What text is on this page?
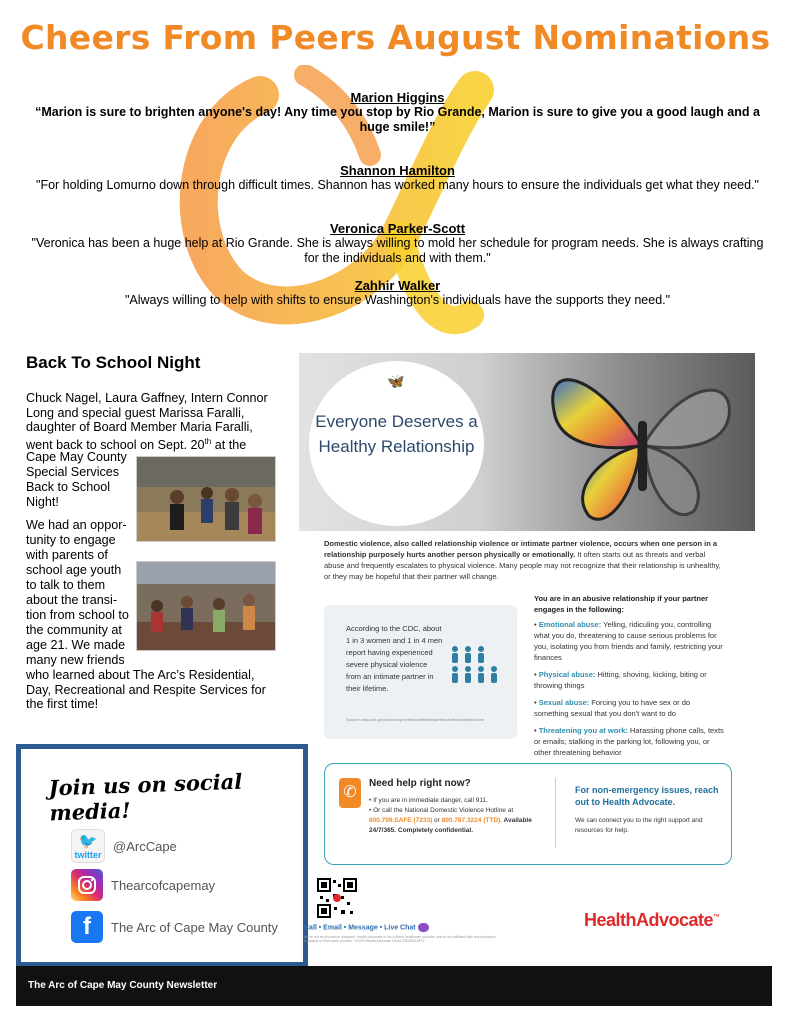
Cheers From Peers August Nominations
Marion Higgins
“Marion is sure to brighten anyone's day! Any time you stop by Rio Grande, Marion is sure to give you a good laugh and a huge smile!”
Shannon Hamilton
"For holding Lomurno down through difficult times. Shannon has worked many hours to ensure the individuals get what they need."
Veronica Parker-Scott
"Veronica has been a huge help at Rio Grande. She is always willing to mold her schedule for program needs. She is always crafting for the individuals and with them."
Zahhir Walker
"Always willing to help with shifts to ensure Washington's individuals have the supports they need."
Back To School Night
Chuck Nagel, Laura Gaffney, Intern Connor Long and special guest Marissa Faralli, daughter of Board Member Maria Faralli, went back to school on Sept. 20th at the
Cape May County
Special Services
Back to School
Night!
We had an oppor-
tunity to engage
with parents of
school age youth
to talk to them
about the transi-
tion from school to
the community at
age 21. We made
many new friends
who learned about The Arc’s Residential, Day, Recreational and Respite Services for the first time!
Join us on social media!
🐦
twitter
@ArcCape
Thearcofcapemay
f	The Arc of Cape May County
The Arc of Cape May County Newsletter
🦋
Everyone Deserves a Healthy Relationship
Domestic violence, also called relationship violence or intimate partner violence, occurs when one person in a relationship purposely hurts another person physically or emotionally. It often starts out as threats and verbal abuse and frequently escalates to physical violence. Many people may not recognize that their relationship is unhealthy, or they may be hopeful that their partner will change.
According to the CDC, about 1 in 3 women and 1 in 4 men report having experienced severe physical violence from an intimate partner in their lifetime.
Source: www.cdc.gov/violenceprevention/intimatepartnerviolence/fastfact.html
You are in an abusive relationship if your partner engages in the following:
• Emotional abuse: Yelling, ridiculing you, controlling what you do, threatening to cause serious problems for you, isolating you from friends and family, restricting your finances
• Physical abuse: Hitting, shoving, kicking, biting or throwing things
• Sexual abuse: Forcing you to have sex or do something sexual that you don't want to do
• Threatening you at work: Harassing phone calls, texts or emails; stalking in the parking lot, following you, or other threatening behavior
✆
Need help right now?
• If you are in immediate danger, call 911.
• Or call the National Domestic Violence Hotline at 800.799.SAFE (7233) or 800.787.3224 (TTD). Available 24/7/365. Completely confidential.
For non-emergency issues, reach out to Health Advocate.
We can connect you to the right support and resources for help.
Call • Email • Message • Live Chat
We're not an insurance company. Health Advocate is not a direct healthcare provider, and is not affiliated with any insurance company or third party provider. ©2023 Health Advocate HA-M-2303004-8FLY
HealthAdvocate™
